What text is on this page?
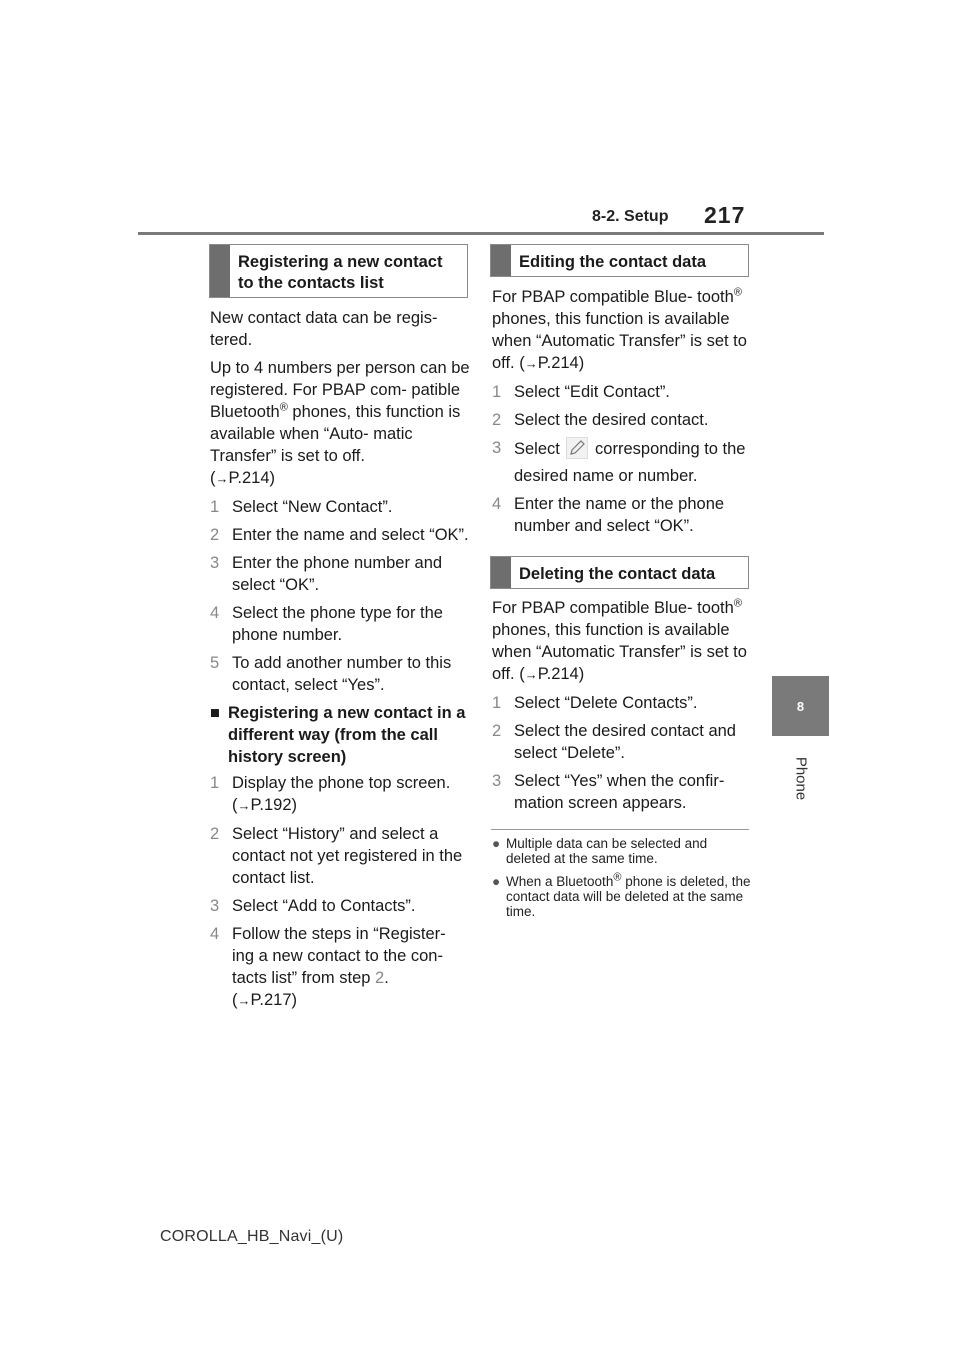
8-2. Setup 217
8
Phone
Registering a new contact to the contacts list

New contact data can be regis- tered.

Up to 4 numbers per person can be registered. For PBAP com- patible Bluetooth® phones, this function is available when “Auto- matic Transfer” is set to off.
(→P.214)

1 Select “New Contact”.
2 Enter the name and select “OK”.
3 Enter the phone number and select “OK”.
4 Select the phone type for the phone number.
5 To add another number to this contact, select “Yes”.
■ Registering a new contact in a different way (from the call history screen)
1 Display the phone top screen. (→P.192)
2 Select “History” and select a contact not yet registered in the contact list.
3 Select “Add to Contacts”.
4 Follow the steps in “Register- ing a new contact to the con- tacts list” from step 2.
(→P.217)
Editing the contact data

For PBAP compatible Blue- tooth® phones, this function is available when “Automatic Transfer” is set to off. (→P.214)

1 Select “Edit Contact”.
2 Select the desired contact.
3 Select corresponding to the desired name or number.
4 Enter the name or the phone number and select “OK”.
Deleting the contact data

For PBAP compatible Blue- tooth® phones, this function is available when “Automatic Transfer” is set to off. (→P.214)

1 Select “Delete Contacts”.
2 Select the desired contact and select “Delete”.
3 Select “Yes” when the confir- mation screen appears.
● Multiple data can be selected and deleted at the same time.
● When a Bluetooth® phone is deleted, the contact data will be deleted at the same time.
COROLLA_HB_Navi_(U)
